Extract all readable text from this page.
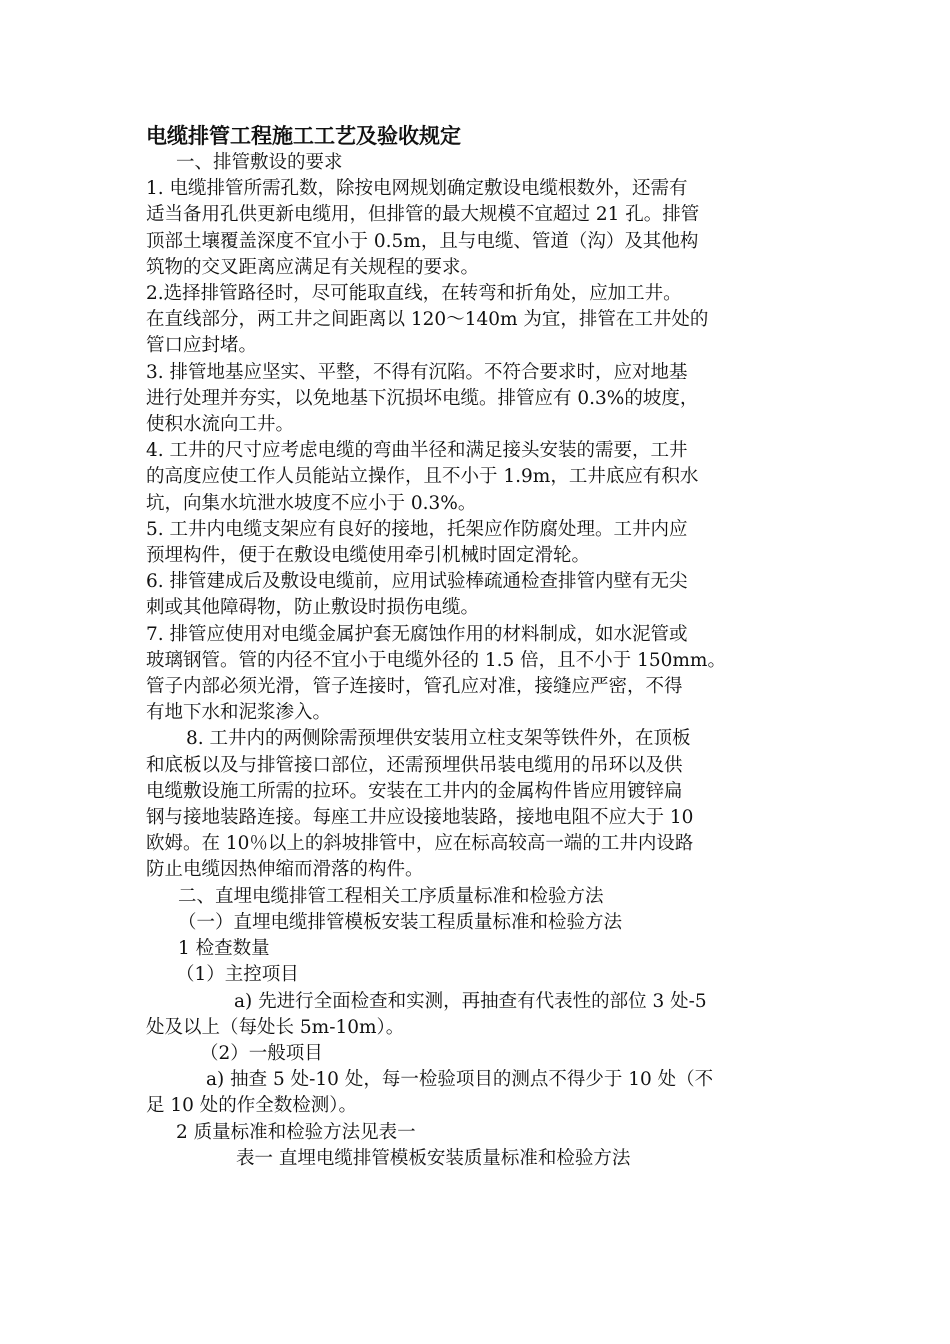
电缆排管工程施工工艺及验收规定

一、排管敷设的要求

1. 电缆排管所需孔数，除按电网规划确定敷设电缆根数外，还需有

适当备用孔供更新电缆用，但排管的最大规模不宜超过 21 孔。排管

顶部土壤覆盖深度不宜小于 0.5m，且与电缆、管道（沟）及其他构

筑物的交叉距离应满足有关规程的要求。

2.选择排管路径时，尽可能取直线，在转弯和折角处，应加工井。

在直线部分，两工井之间距离以 120～140m 为宜，排管在工井处的

管口应封堵。

3. 排管地基应坚实、平整，不得有沉陷。不符合要求时，应对地基

进行处理并夯实，以免地基下沉损坏电缆。排管应有 0.3%的坡度，

使积水流向工井。

4. 工井的尺寸应考虑电缆的弯曲半径和满足接头安装的需要，工井

的高度应使工作人员能站立操作，且不小于 1.9m，工井底应有积水

坑，向集水坑泄水坡度不应小于 0.3%。

5. 工井内电缆支架应有良好的接地，托架应作防腐处理。工井内应

预埋构件，便于在敷设电缆使用牵引机械时固定滑轮。

6. 排管建成后及敷设电缆前，应用试验棒疏通检查排管内壁有无尖

刺或其他障碍物，防止敷设时损伤电缆。

7. 排管应使用对电缆金属护套无腐蚀作用的材料制成，如水泥管或

玻璃钢管。管的内径不宜小于电缆外径的 1.5 倍，且不小于 150mm。

管子内部必须光滑，管子连接时，管孔应对准，接缝应严密，不得

有地下水和泥浆渗入。

8. 工井内的两侧除需预埋供安装用立柱支架等铁件外，在顶板

和底板以及与排管接口部位，还需预埋供吊装电缆用的吊环以及供

电缆敷设施工所需的拉环。安装在工井内的金属构件皆应用镀锌扁

钢与接地装路连接。每座工井应设接地装路，接地电阻不应大于 10

欧姆。在 10％以上的斜坡排管中，应在标高较高一端的工井内设路

防止电缆因热伸缩而滑落的构件。

二、直埋电缆排管工程相关工序质量标准和检验方法

（一）直埋电缆排管模板安装工程质量标准和检验方法

1 检查数量

（1）主控项目

a) 先进行全面检查和实测，再抽查有代表性的部位 3 处-5

处及以上（每处长 5m-10m）。

（2）一般项目

a) 抽查 5 处-10 处，每一检验项目的测点不得少于 10 处（不

足 10 处的作全数检测）。

2 质量标准和检验方法见表一

表一 直埋电缆排管模板安装质量标准和检验方法
